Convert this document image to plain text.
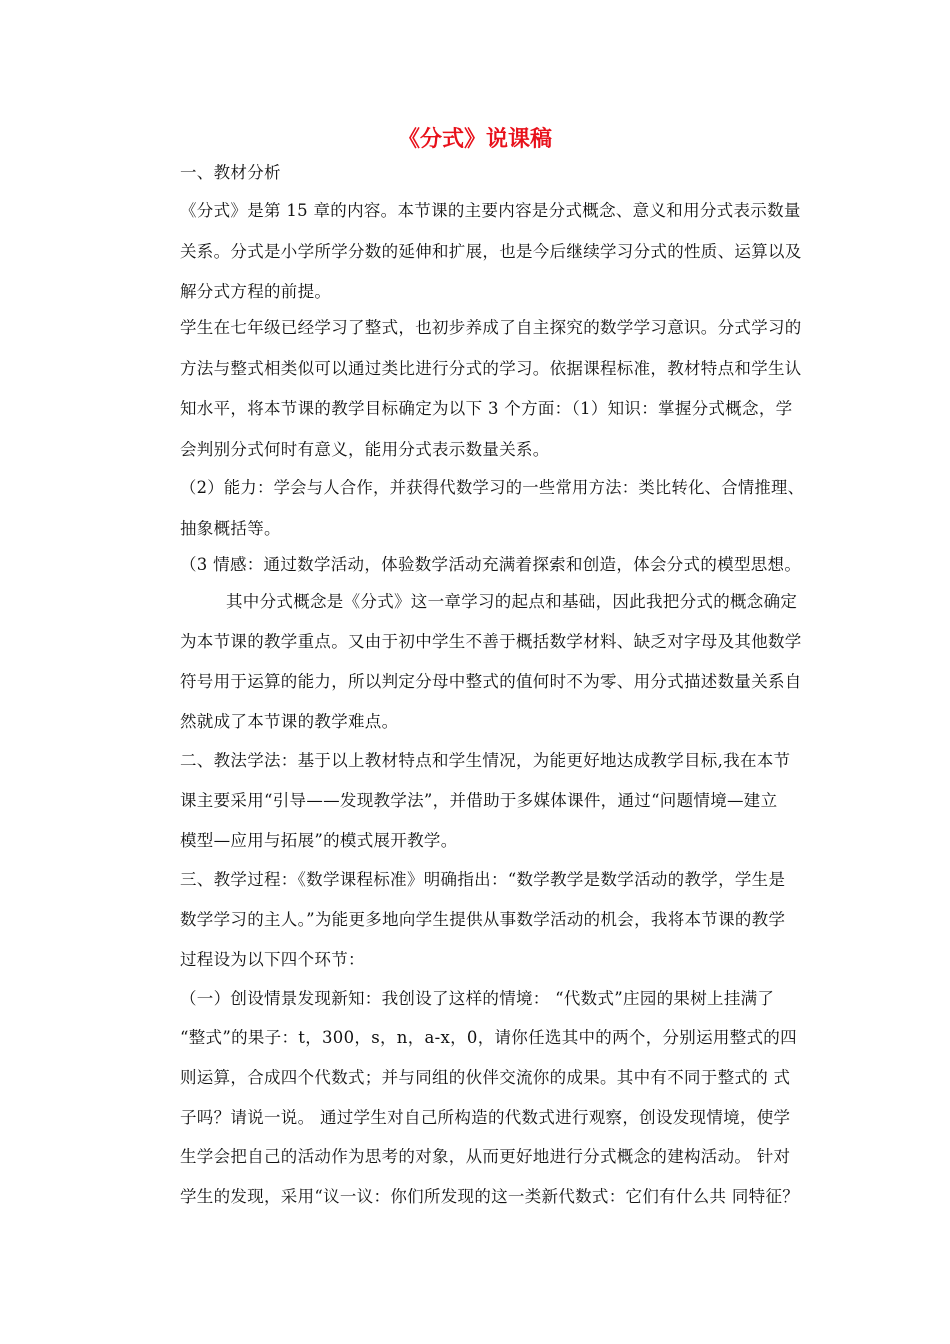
《分式》说课稿

一、教材分析

《分式》是第 15 章的内容。本节课的主要内容是分式概念、意义和用分式表示数量

关系。分式是小学所学分数的延伸和扩展，也是今后继续学习分式的性质、运算以及

解分式方程的前提。

学生在七年级已经学习了整式，也初步养成了自主探究的数学学习意识。分式学习的

方法与整式相类似可以通过类比进行分式的学习。依据课程标准，教材特点和学生认

知水平，将本节课的教学目标确定为以下 3 个方面：（1）知识：掌握分式概念，学

会判别分式何时有意义，能用分式表示数量关系。

（2）能力：学会与人合作，并获得代数学习的一些常用方法：类比转化、合情推理、

抽象概括等。

（3 情感：通过数学活动，体验数学活动充满着探索和创造，体会分式的模型思想。

其中分式概念是《分式》这一章学习的起点和基础，因此我把分式的概念确定

为本节课的教学重点。又由于初中学生不善于概括数学材料、缺乏对字母及其他数学

符号用于运算的能力，所以判定分母中整式的值何时不为零、用分式描述数量关系自

然就成了本节课的教学难点。

二、教法学法：基于以上教材特点和学生情况，为能更好地达成教学目标,我在本节

课主要采用“引导——发现教学法”，并借助于多媒体课件，通过“问题情境—建立

模型—应用与拓展”的模式展开教学。

三、教学过程：《数学课程标准》明确指出：“数学教学是数学活动的教学，学生是

数学学习的主人。”为能更多地向学生提供从事数学活动的机会，我将本节课的教学

过程设为以下四个环节：

（一）创设情景发现新知：我创设了这样的情境： “代数式”庄园的果树上挂满了

“整式”的果子：t，300，s，n，a-x，0，请你任选其中的两个，分别运用整式的四

则运算，合成四个代数式；并与同组的伙伴交流你的成果。其中有不同于整式的 式

子吗？请说一说。 通过学生对自己所构造的代数式进行观察，创设发现情境，使学

生学会把自己的活动作为思考的对象，从而更好地进行分式概念的建构活动。 针对

学生的发现，采用“议一议：你们所发现的这一类新代数式：它们有什么共 同特征？
